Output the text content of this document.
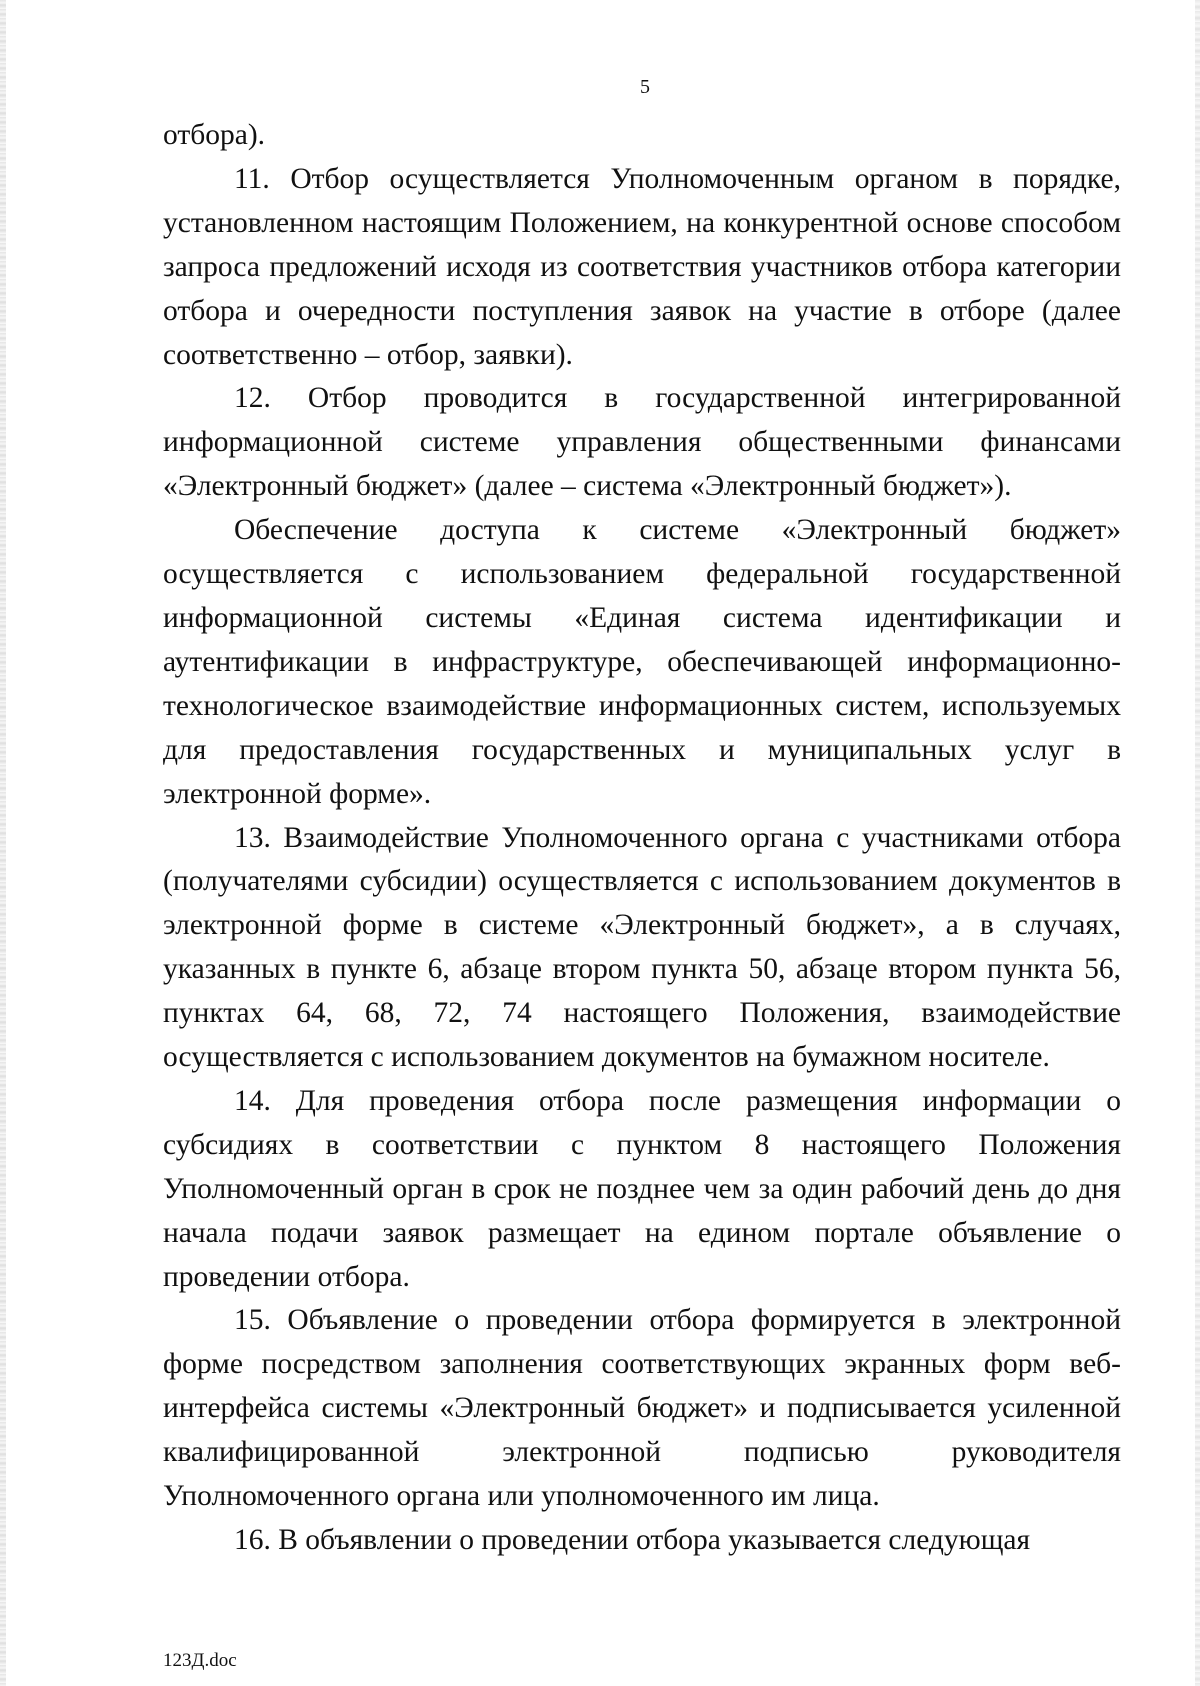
5

отбора).

11. Отбор осуществляется Уполномоченным органом в порядке, установленном настоящим Положением, на конкурентной основе способом запроса предложений исходя из соответствия участников отбора категории отбора и очередности поступления заявок на участие в отборе (далее соответственно – отбор, заявки).

12. Отбор проводится в государственной интегрированной информационной системе управления общественными финансами «Электронный бюджет» (далее – система «Электронный бюджет»).

Обеспечение доступа к системе «Электронный бюджет» осуществляется с использованием федеральной государственной информационной системы «Единая система идентификации и аутентификации в инфраструктуре, обеспечивающей информационно-технологическое взаимодействие информационных систем, используемых для предоставления государственных и муниципальных услуг в электронной форме».

13. Взаимодействие Уполномоченного органа с участниками отбора (получателями субсидии) осуществляется с использованием документов в электронной форме в системе «Электронный бюджет», а в случаях, указанных в пункте 6, абзаце втором пункта 50, абзаце втором пункта 56, пунктах 64, 68, 72, 74 настоящего Положения, взаимодействие осуществляется с использованием документов на бумажном носителе.

14. Для проведения отбора после размещения информации о субсидиях в соответствии с пунктом 8 настоящего Положения Уполномоченный орган в срок не позднее чем за один рабочий день до дня начала подачи заявок размещает на едином портале объявление о проведении отбора.

15. Объявление о проведении отбора формируется в электронной форме посредством заполнения соответствующих экранных форм веб-интерфейса системы «Электронный бюджет» и подписывается усиленной квалифицированной электронной подписью руководителя Уполномоченного органа или уполномоченного им лица.

16. В объявлении о проведении отбора указывается следующая

123Д.doc
